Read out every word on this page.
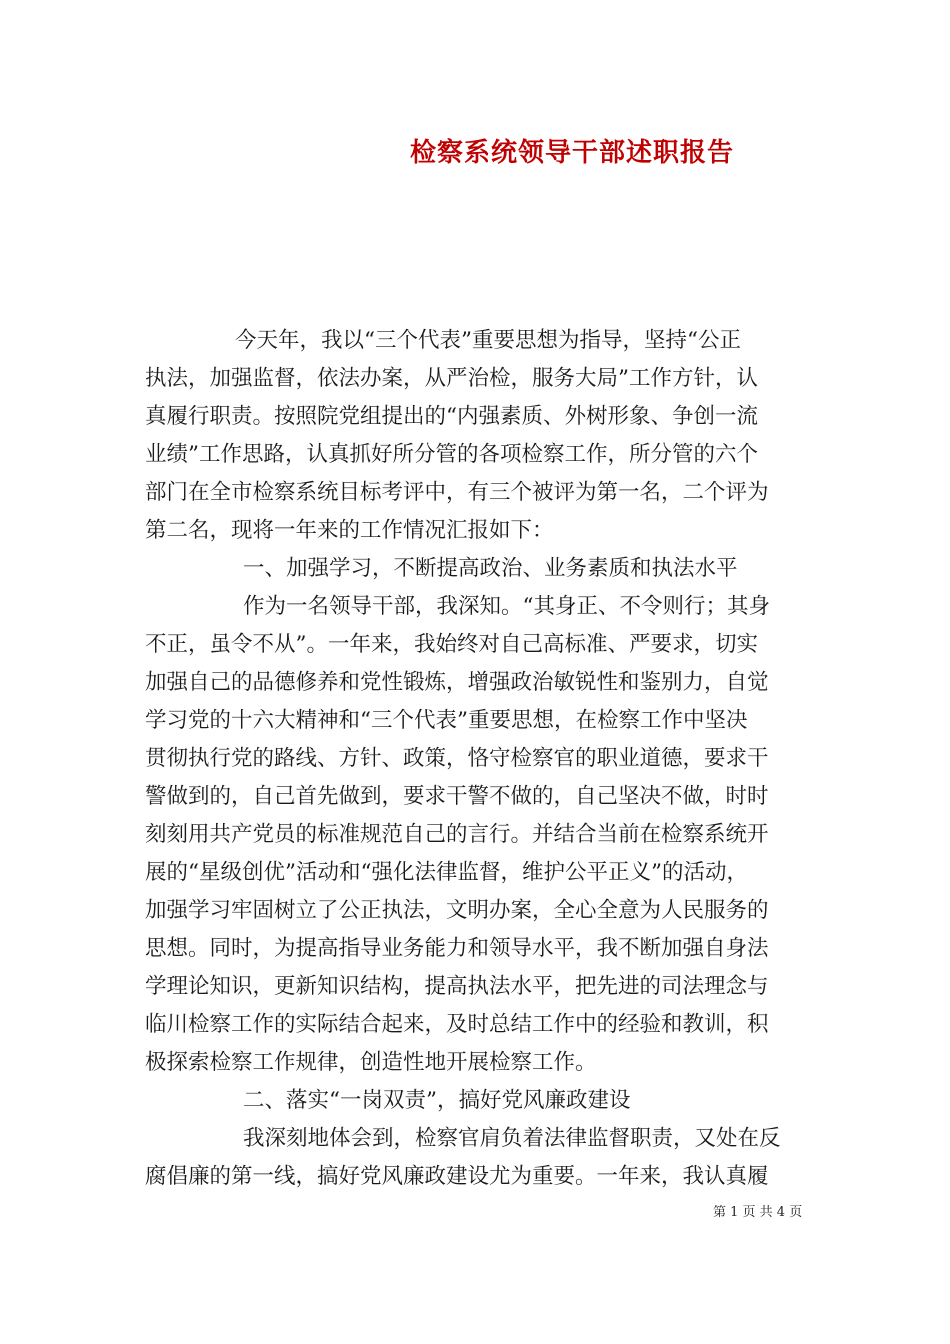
检察系统领导干部述职报告
今天年，我以“三个代表”重要思想为指导，坚持“公正
执法，加强监督，依法办案，从严治检，服务大局”工作方针，认
真履行职责。按照院党组提出的“内强素质、外树形象、争创一流
业绩”工作思路，认真抓好所分管的各项检察工作，所分管的六个
部门在全市检察系统目标考评中，有三个被评为第一名，二个评为
第二名，现将一年来的工作情况汇报如下：
一、加强学习，不断提高政治、业务素质和执法水平
作为一名领导干部，我深知。“其身正、不令则行；其身
不正，虽令不从”。一年来，我始终对自己高标准、严要求，切实
加强自己的品德修养和党性锻炼，增强政治敏锐性和鉴别力，自觉
学习党的十六大精神和“三个代表”重要思想，在检察工作中坚决
贯彻执行党的路线、方针、政策，恪守检察官的职业道德，要求干
警做到的，自己首先做到，要求干警不做的，自己坚决不做，时时
刻刻用共产党员的标准规范自己的言行。并结合当前在检察系统开
展的“星级创优”活动和“强化法律监督，维护公平正义”的活动，
加强学习牢固树立了公正执法，文明办案，全心全意为人民服务的
思想。同时，为提高指导业务能力和领导水平，我不断加强自身法
学理论知识，更新知识结构，提高执法水平，把先进的司法理念与
临川检察工作的实际结合起来，及时总结工作中的经验和教训，积
极探索检察工作规律，创造性地开展检察工作。
二、落实“一岗双责”，搞好党风廉政建设
我深刻地体会到，检察官肩负着法律监督职责，又处在反
腐倡廉的第一线，搞好党风廉政建设尤为重要。一年来，我认真履
第 1 页 共 4 页
